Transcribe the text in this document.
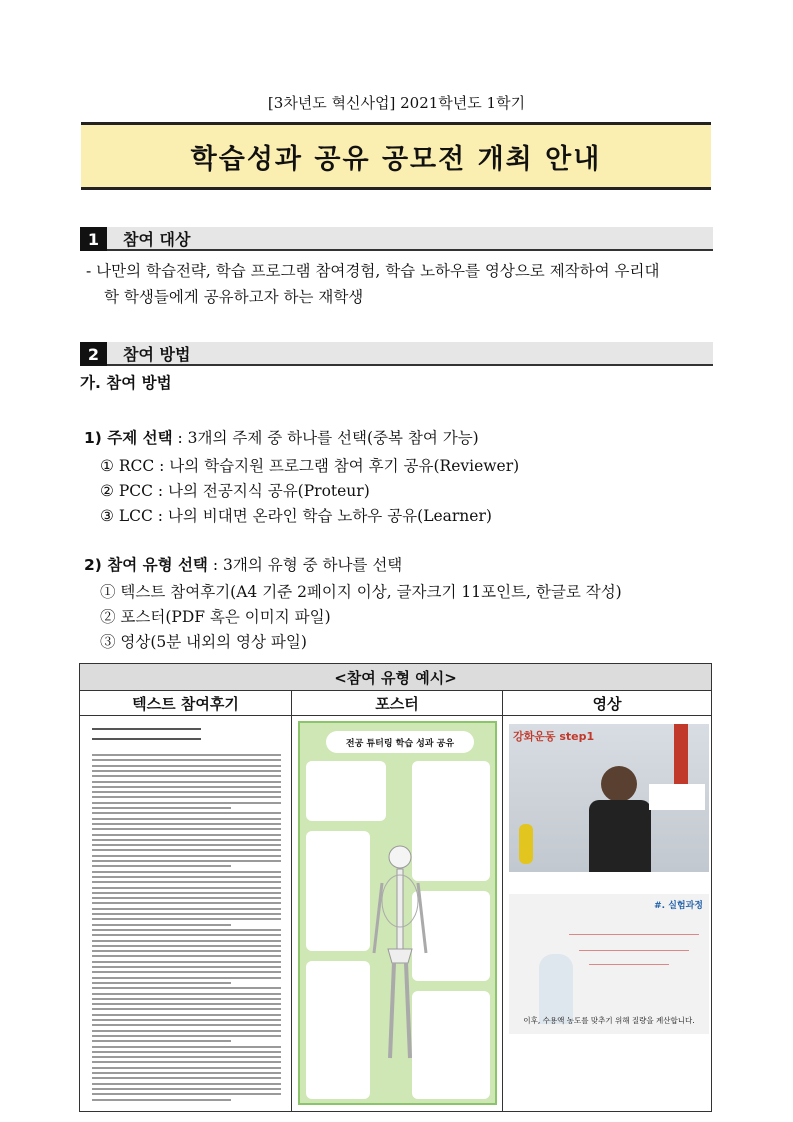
[3차년도 혁신사업] 2021학년도 1학기
학습성과 공유 공모전 개최 안내
1	참여 대상
- 나만의 학습전략, 학습 프로그램 참여경험, 학습 노하우를 영상으로 제작하여 우리대
학 학생들에게 공유하고자 하는 재학생
2	참여 방법
가. 참여 방법
1) 주제 선택 : 3개의 주제 중 하나를 선택(중복 참여 가능)
① RCC : 나의 학습지원 프로그램 참여 후기 공유(Reviewer)
② PCC : 나의 전공지식 공유(Proteur)
③ LCC : 나의 비대면 온라인 학습 노하우 공유(Learner)
2) 참여 유형 선택 : 3개의 유형 중 하나를 선택
① 텍스트 참여후기(A4 기준 2페이지 이상, 글자크기 11포인트, 한글로 작성)
② 포스터(PDF 혹은 이미지 파일)
③ 영상(5분 내외의 영상 파일)
<참여 유형 예시>
텍스트 참여후기	포스터	영상
전공 튜터링 학습 성과 공유
강화운동 step1
#. 실험과정
이후, 수용액 농도를 맞추기 위해 질량을 계산합니다.
